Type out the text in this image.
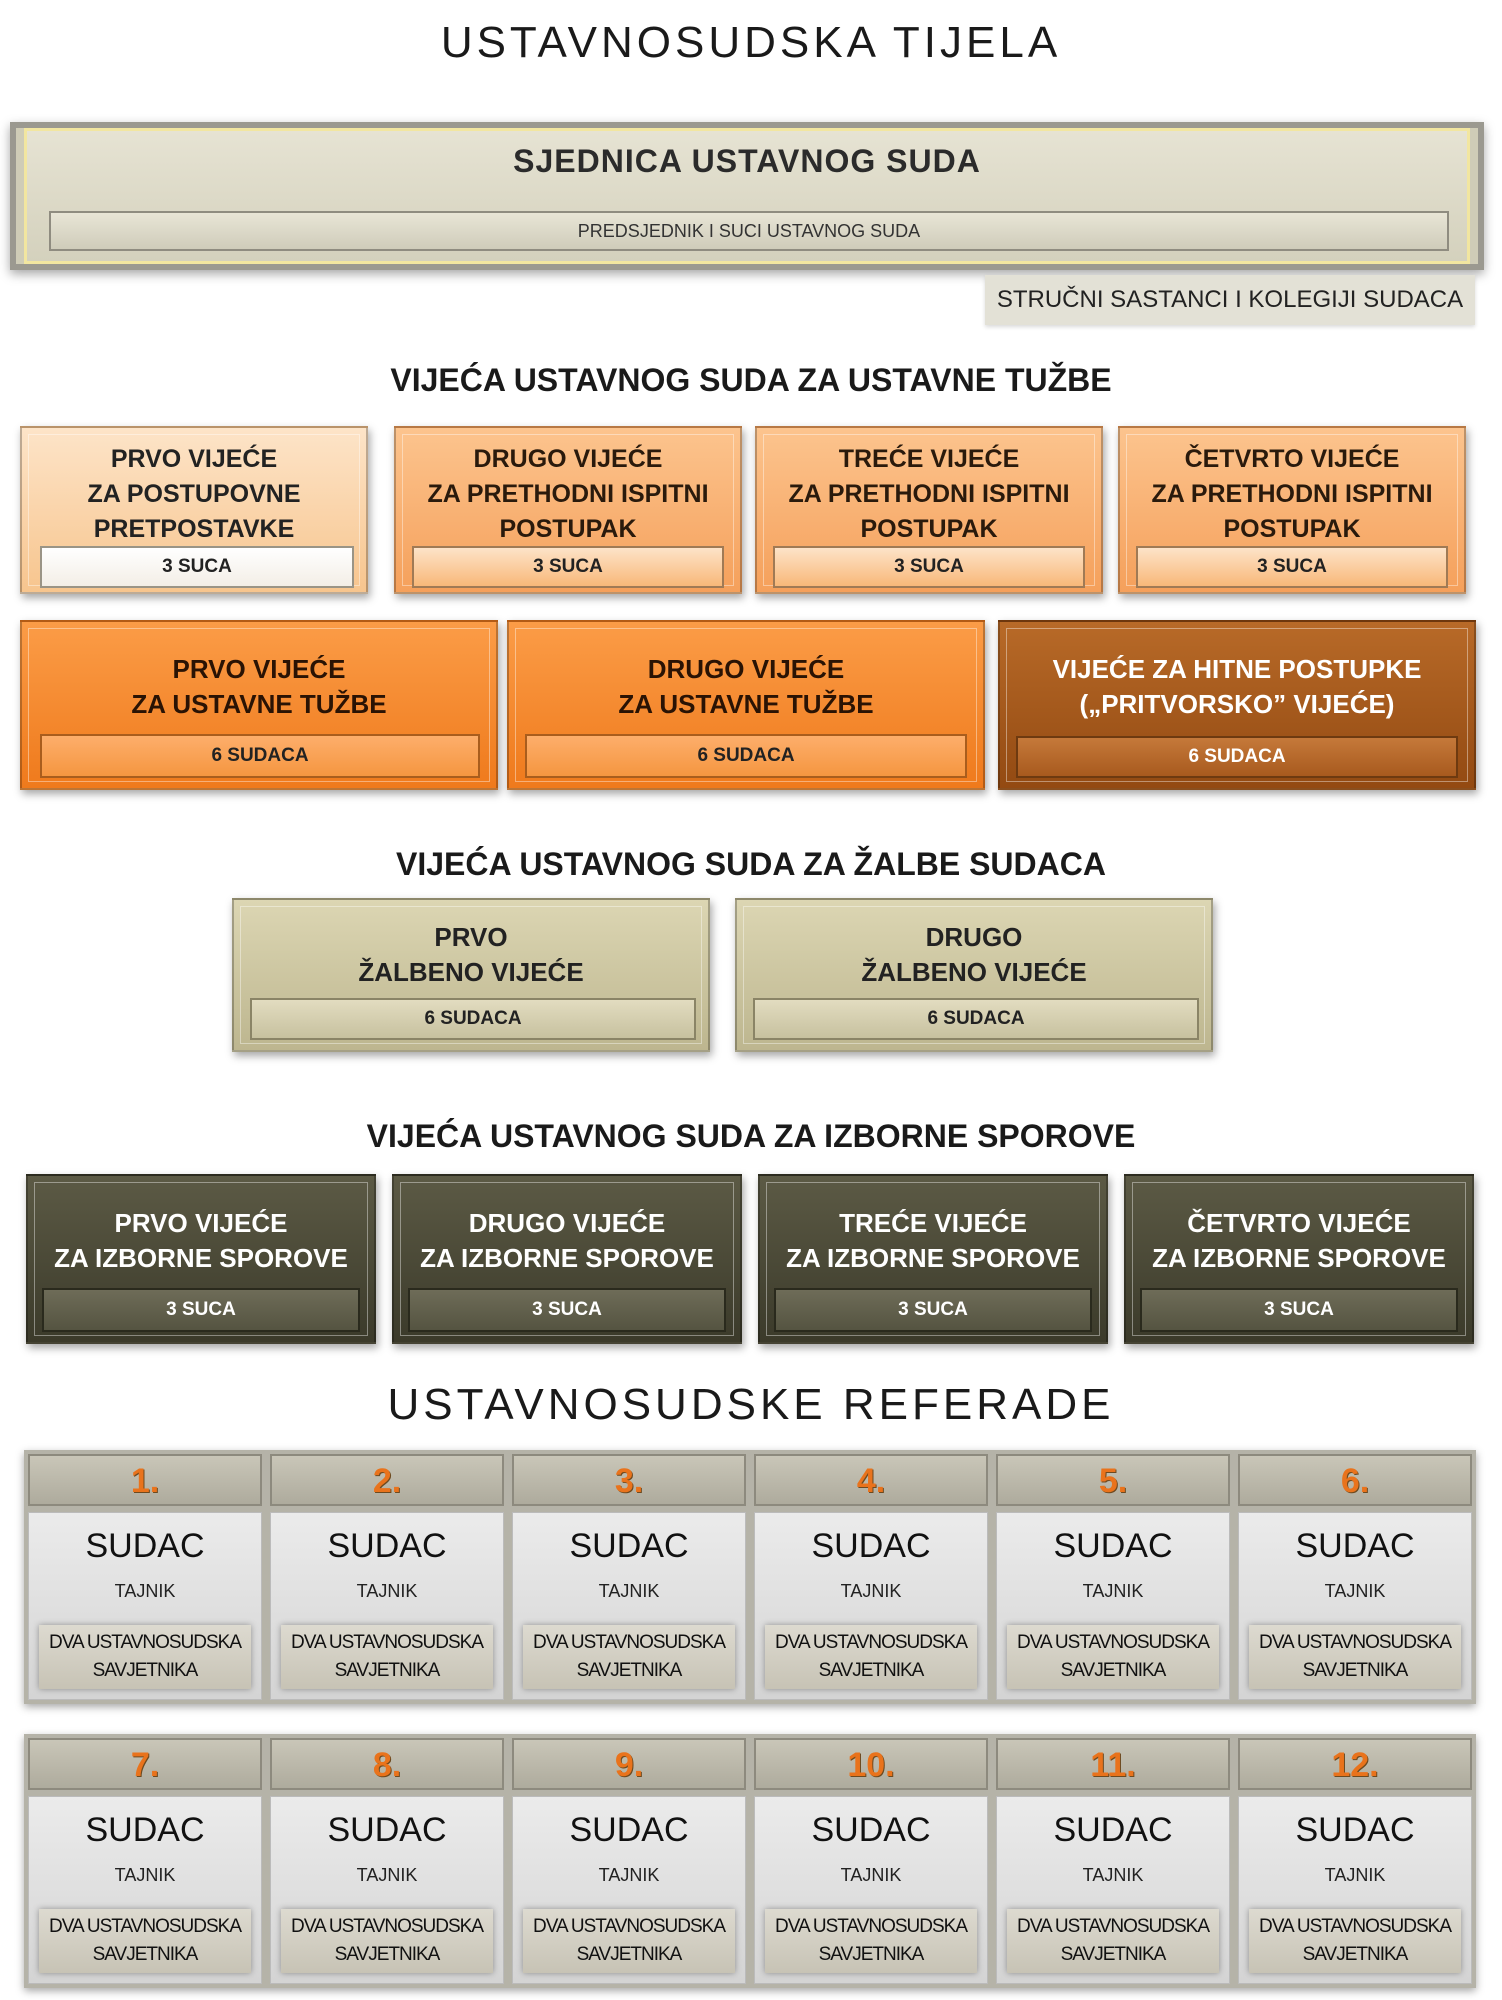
USTAVNOSUDSKA TIJELA
SJEDNICA USTAVNOG SUDA
PREDSJEDNIK I SUCI USTAVNOG SUDA
STRUČNI SASTANCI I KOLEGIJI SUDACA
VIJEĆA USTAVNOG SUDA ZA USTAVNE TUŽBE
PRVO VIJEĆE
ZA POSTUPOVNE
PRETPOSTAVKE
3 SUCA
DRUGO VIJEĆE
ZA PRETHODNI ISPITNI
POSTUPAK
3 SUCA
TREĆE VIJEĆE
ZA PRETHODNI ISPITNI
POSTUPAK
3 SUCA
ČETVRTO VIJEĆE
ZA PRETHODNI ISPITNI
POSTUPAK
3 SUCA
PRVO VIJEĆE
ZA USTAVNE TUŽBE
6 SUDACA
DRUGO VIJEĆE
ZA USTAVNE TUŽBE
6 SUDACA
VIJEĆE ZA HITNE POSTUPKE
(„PRITVORSKO” VIJEĆE)
6 SUDACA
VIJEĆA USTAVNOG SUDA ZA ŽALBE SUDACA
PRVO
ŽALBENO VIJEĆE
6 SUDACA
DRUGO
ŽALBENO VIJEĆE
6 SUDACA
VIJEĆA USTAVNOG SUDA ZA IZBORNE SPOROVE
PRVO VIJEĆE
ZA IZBORNE SPOROVE
3 SUCA
DRUGO VIJEĆE
ZA IZBORNE SPOROVE
3 SUCA
TREĆE VIJEĆE
ZA IZBORNE SPOROVE
3 SUCA
ČETVRTO VIJEĆE
ZA IZBORNE SPOROVE
3 SUCA
USTAVNOSUDSKE REFERADE
1.
SUDAC
TAJNIK
DVA USTAVNOSUDSKA
SAVJETNIKA
2.
SUDAC
TAJNIK
DVA USTAVNOSUDSKA
SAVJETNIKA
3.
SUDAC
TAJNIK
DVA USTAVNOSUDSKA
SAVJETNIKA
4.
SUDAC
TAJNIK
DVA USTAVNOSUDSKA
SAVJETNIKA
5.
SUDAC
TAJNIK
DVA USTAVNOSUDSKA
SAVJETNIKA
6.
SUDAC
TAJNIK
DVA USTAVNOSUDSKA
SAVJETNIKA
7.
SUDAC
TAJNIK
DVA USTAVNOSUDSKA
SAVJETNIKA
8.
SUDAC
TAJNIK
DVA USTAVNOSUDSKA
SAVJETNIKA
9.
SUDAC
TAJNIK
DVA USTAVNOSUDSKA
SAVJETNIKA
10.
SUDAC
TAJNIK
DVA USTAVNOSUDSKA
SAVJETNIKA
11.
SUDAC
TAJNIK
DVA USTAVNOSUDSKA
SAVJETNIKA
12.
SUDAC
TAJNIK
DVA USTAVNOSUDSKA
SAVJETNIKA
